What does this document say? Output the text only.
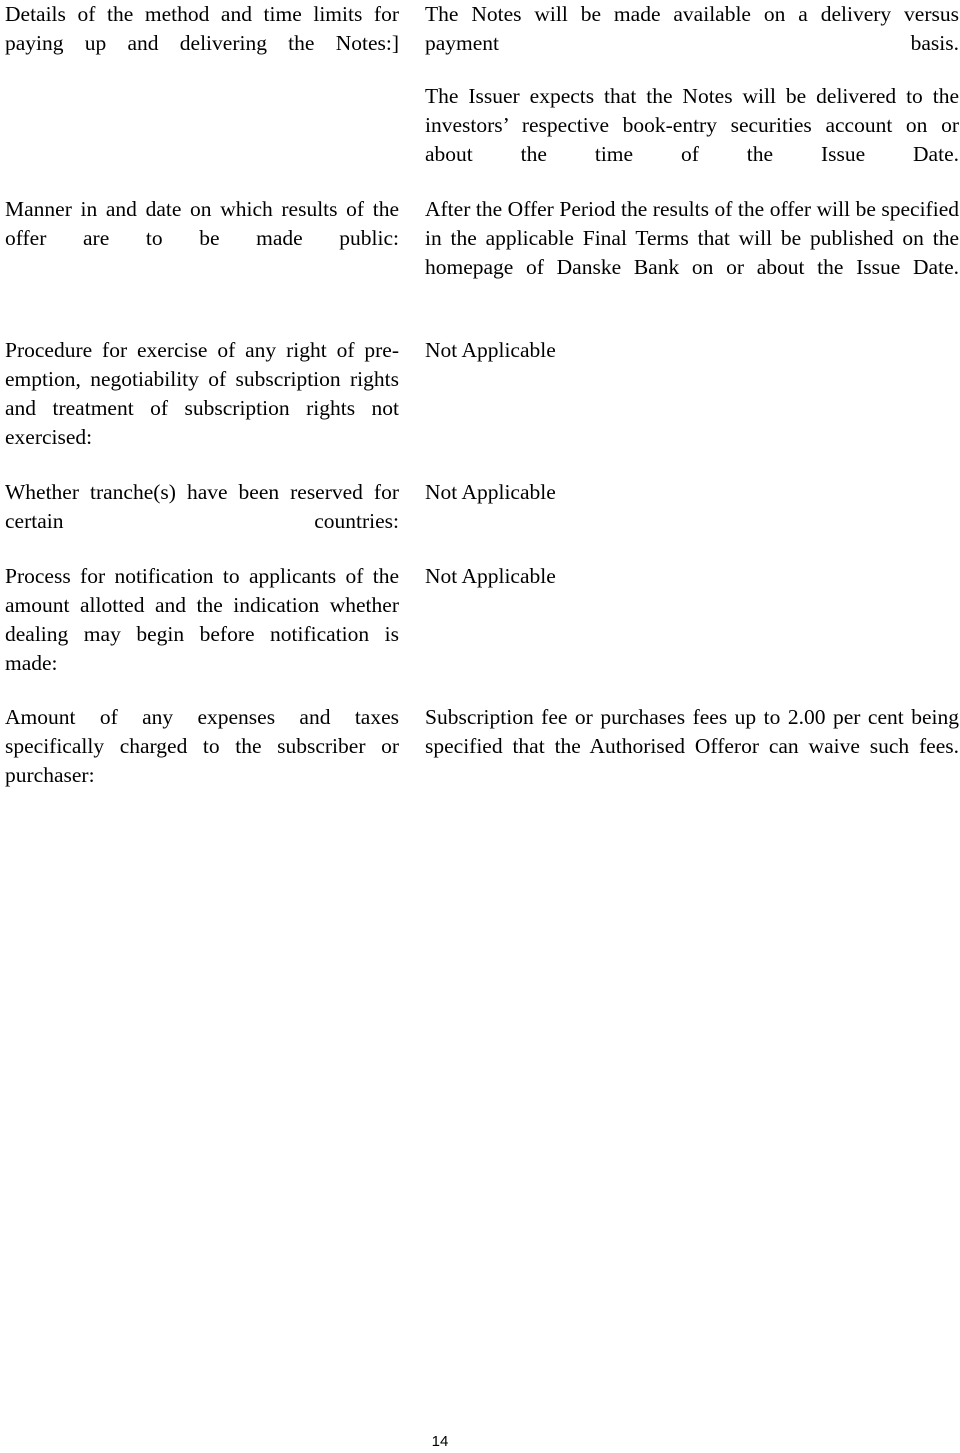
Details of the method and time limits for paying up and delivering the Notes:]
The Notes will be made available on a delivery versus payment basis.
The Issuer expects that the Notes will be delivered to the investors’ respective book-entry securities account on or about the time of the Issue Date.
Manner in and date on which results of the offer are to be made public:
After the Offer Period the results of the offer will be specified in the applicable Final Terms that will be published on the homepage of Danske Bank on or about the Issue Date.
Procedure for exercise of any right of pre-emption, negotiability of subscription rights and treatment of subscription rights not exercised:
Not Applicable
Whether tranche(s) have been reserved for certain countries:
Not Applicable
Process for notification to applicants of the amount allotted and the indication whether dealing may begin before notification is made:
Not Applicable
Amount of any expenses and taxes specifically charged to the subscriber or purchaser:
Subscription fee or purchases fees up to 2.00 per cent being specified that the Authorised Offeror can waive such fees.
14
